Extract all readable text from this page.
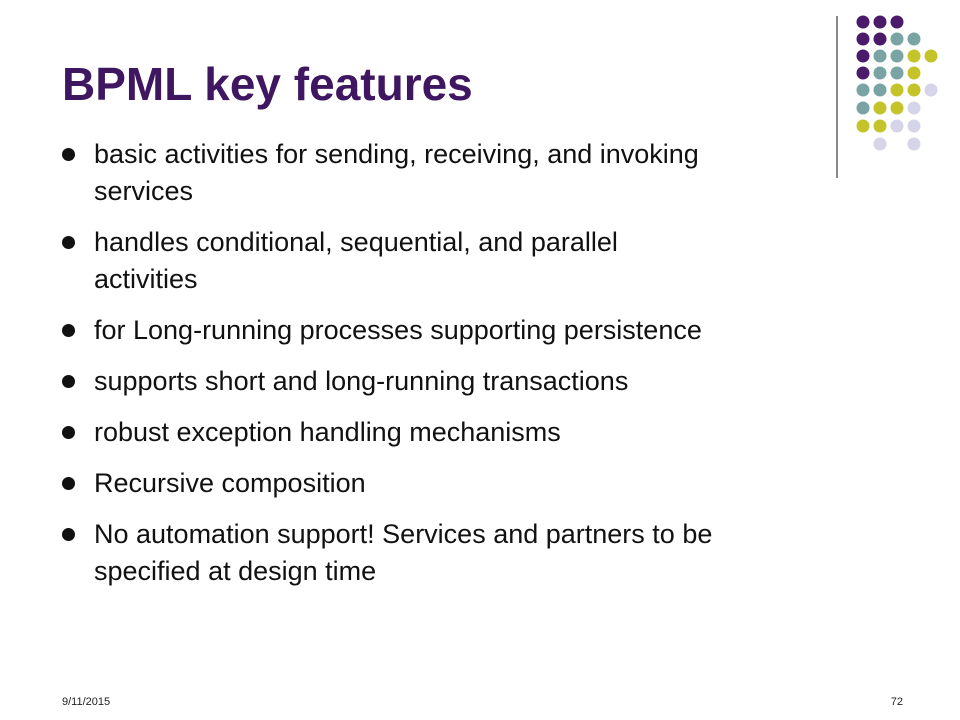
BPML key features
basic activities for sending, receiving, and invoking
services
handles conditional, sequential, and parallel
activities
for Long-running processes supporting persistence
supports short and long-running transactions
robust exception handling mechanisms
Recursive composition
No automation support! Services and partners to be
specified at design time
9/11/2015	72
